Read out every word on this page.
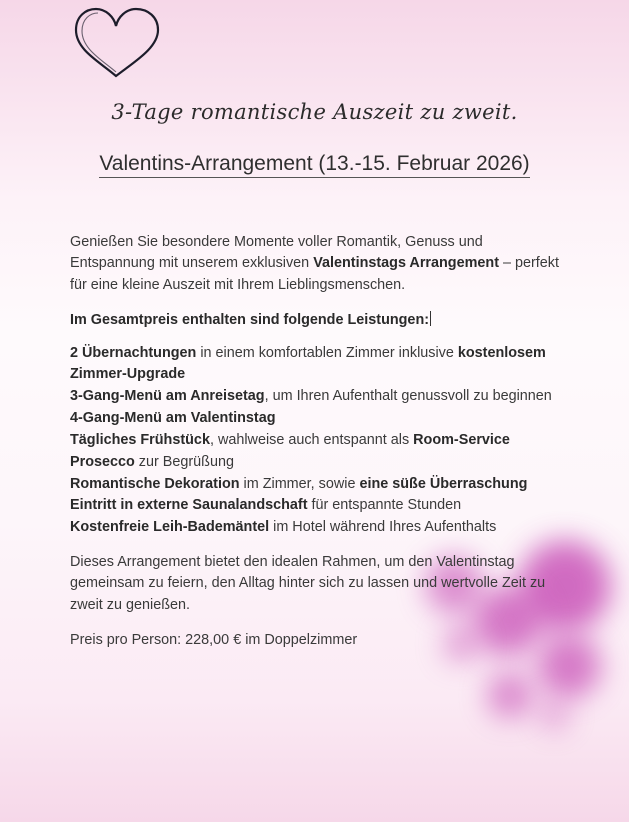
3-Tage romantische Auszeit zu zweit.
Valentins-Arrangement (13.-15. Februar 2026)

Genießen Sie besondere Momente voller Romantik, Genuss und Entspannung mit unserem exklusiven Valentinstags Arrangement – perfekt für eine kleine Auszeit mit Ihrem Lieblingsmenschen.

Im Gesamtpreis enthalten sind folgende Leistungen:

2 Übernachtungen in einem komfortablen Zimmer inklusive kostenlosem Zimmer-Upgrade
3-Gang-Menü am Anreisetag, um Ihren Aufenthalt genussvoll zu beginnen
4-Gang-Menü am Valentinstag
Tägliches Frühstück, wahlweise auch entspannt als Room-Service
Prosecco zur Begrüßung
Romantische Dekoration im Zimmer, sowie eine süße Überraschung
Eintritt in externe Saunalandschaft für entspannte Stunden
Kostenfreie Leih-Bademäntel im Hotel während Ihres Aufenthalts

Dieses Arrangement bietet den idealen Rahmen, um den Valentinstag gemeinsam zu feiern, den Alltag hinter sich zu lassen und wertvolle Zeit zu zweit zu genießen.

Preis pro Person: 228,00 € im Doppelzimmer
